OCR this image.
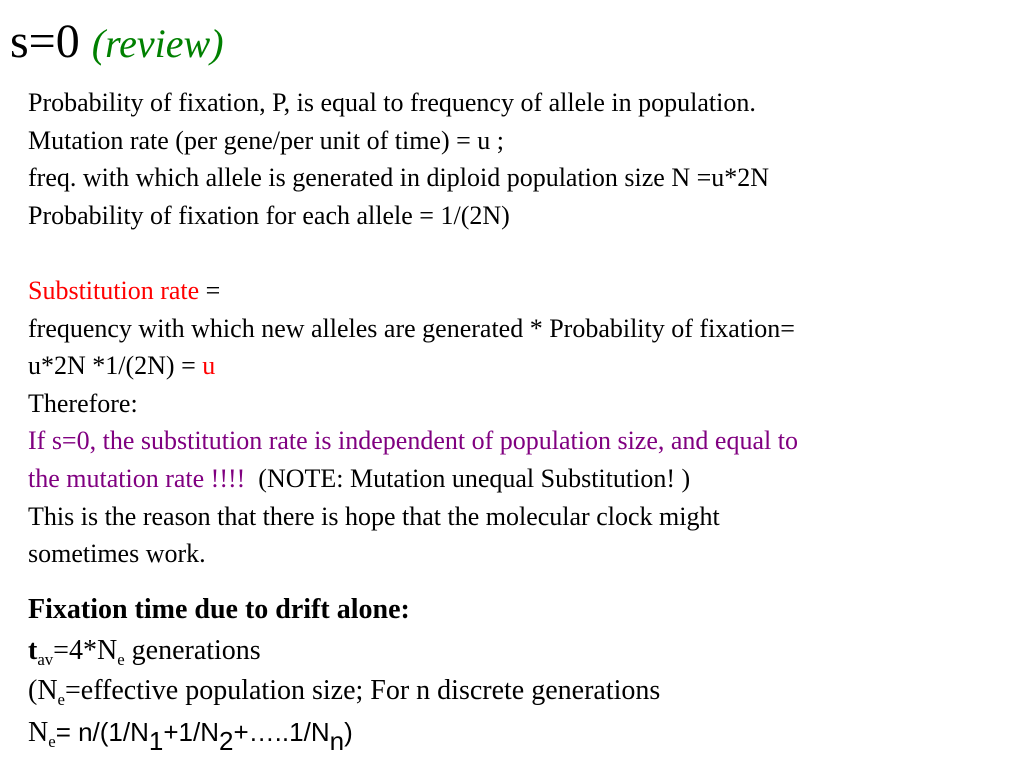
s=0 (review)
Probability of fixation, P, is equal to frequency of allele in population.
Mutation rate (per gene/per unit of time) = u ;
freq. with which allele is generated in diploid population size N =u*2N
Probability of fixation for each allele = 1/(2N)
Substitution rate =
frequency with which new alleles are generated * Probability of fixation=
u*2N *1/(2N) = u
Therefore:
If s=0, the substitution rate is independent of population size, and equal to
the mutation rate !!!!  (NOTE: Mutation unequal Substitution! )
This is the reason that there is hope that the molecular clock might
sometimes work.
Fixation time due to drift alone:
$t_{av}=4*N_e$ generations
($N_e=effective$ population size; For n discrete generations
$N_e=$ $n/(1/N_1+1/N_2+\dots..1/N_n)$
